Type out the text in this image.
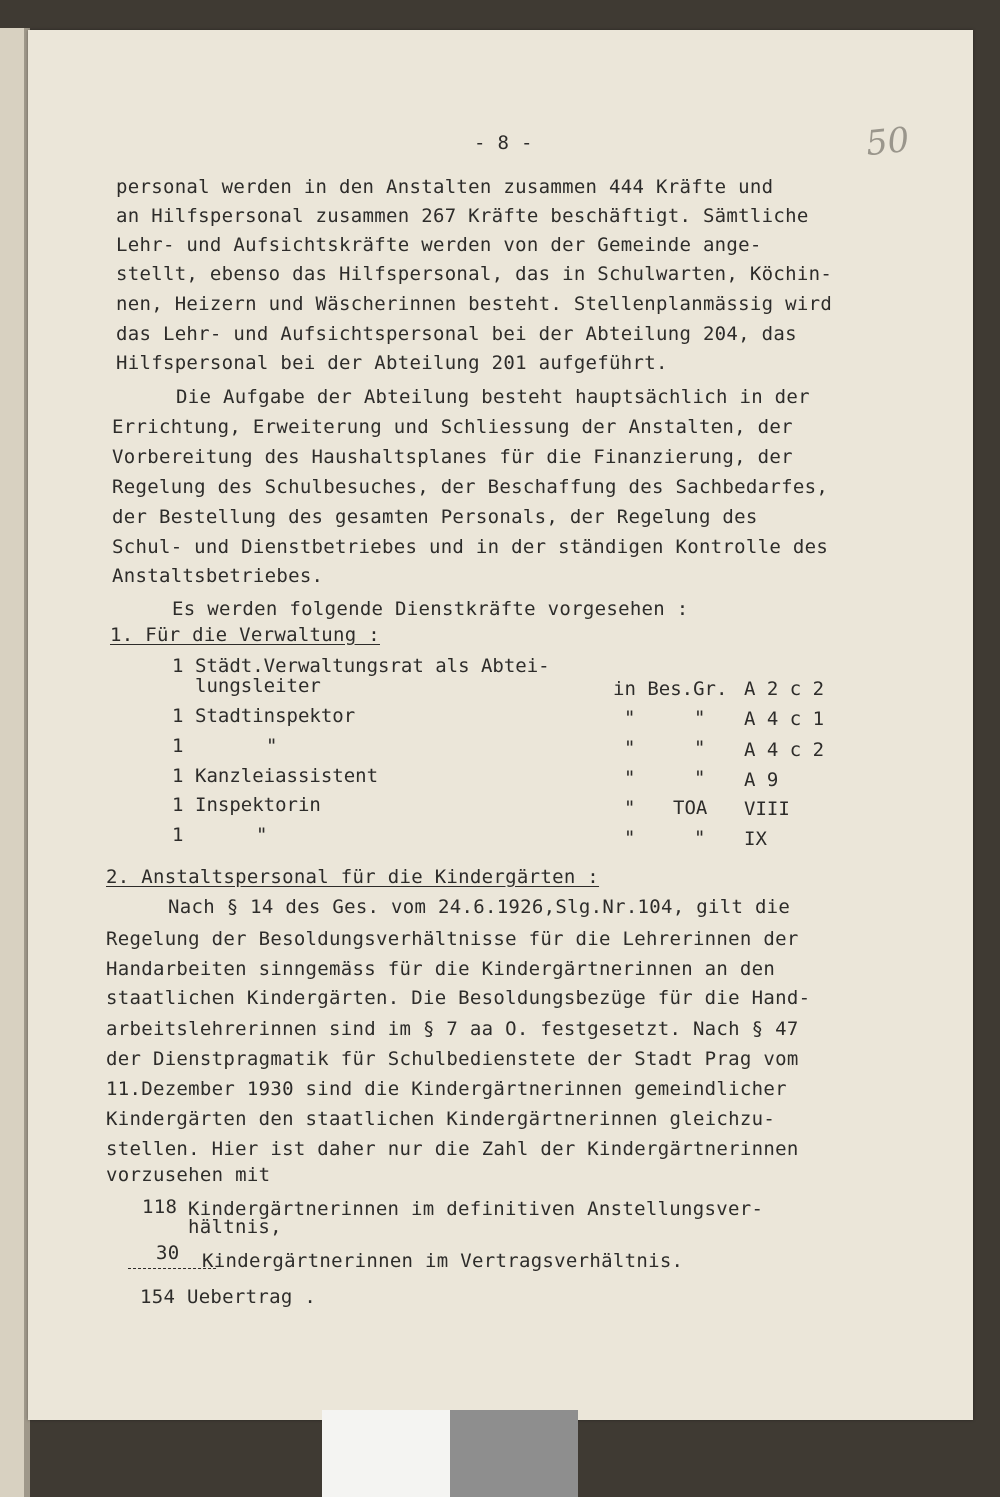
50
- 8 -
personal werden in den Anstalten zusammen 444 Kräfte und
an Hilfspersonal zusammen 267 Kräfte beschäftigt. Sämtliche
Lehr- und Aufsichtskräfte werden von der Gemeinde ange-
stellt, ebenso das Hilfspersonal, das in Schulwarten, Köchin-
nen, Heizern und Wäscherinnen besteht. Stellenplanmässig wird
das Lehr- und Aufsichtspersonal bei der Abteilung 204, das
Hilfspersonal bei der Abteilung 201 aufgeführt.
Die Aufgabe der Abteilung besteht hauptsächlich in der
Errichtung, Erweiterung und Schliessung der Anstalten, der
Vorbereitung des Haushaltsplanes für die Finanzierung, der
Regelung des Schulbesuches, der Beschaffung des Sachbedarfes,
der Bestellung des gesamten Personals, der Regelung des
Schul- und Dienstbetriebes und in der ständigen Kontrolle des
Anstaltsbetriebes.
Es werden folgende Dienstkräfte vorgesehen :
1. Für die Verwaltung :
1 Städt.Verwaltungsrat als Abtei-
lungsleiter	in Bes.Gr. A 2 c 2
1 Stadtinspektor	"	" A 4 c 1
1	"	"	" A 4 c 2
1 Kanzleiassistent	"	" A 9
1 Inspektorin	" TOA VIII
1	"	"	" IX
2. Anstaltspersonal für die Kindergärten :
Nach § 14 des Ges. vom 24.6.1926,Slg.Nr.104, gilt die
Regelung der Besoldungsverhältnisse für die Lehrerinnen der
Handarbeiten sinngemäss für die Kindergärtnerinnen an den
staatlichen Kindergärten. Die Besoldungsbezüge für die Hand-
arbeitslehrerinnen sind im § 7 aa O. festgesetzt. Nach § 47
der Dienstpragmatik für Schulbedienstete der Stadt Prag vom
11.Dezember 1930 sind die Kindergärtnerinnen gemeindlicher
Kindergärten den staatlichen Kindergärtnerinnen gleichzu-
stellen. Hier ist daher nur die Zahl der Kindergärtnerinnen
vorzusehen mit
118 Kindergärtnerinnen im definitiven Anstellungsver-
hältnis,
30 Kindergärtnerinnen im Vertragsverhältnis.
154 Uebertrag .
